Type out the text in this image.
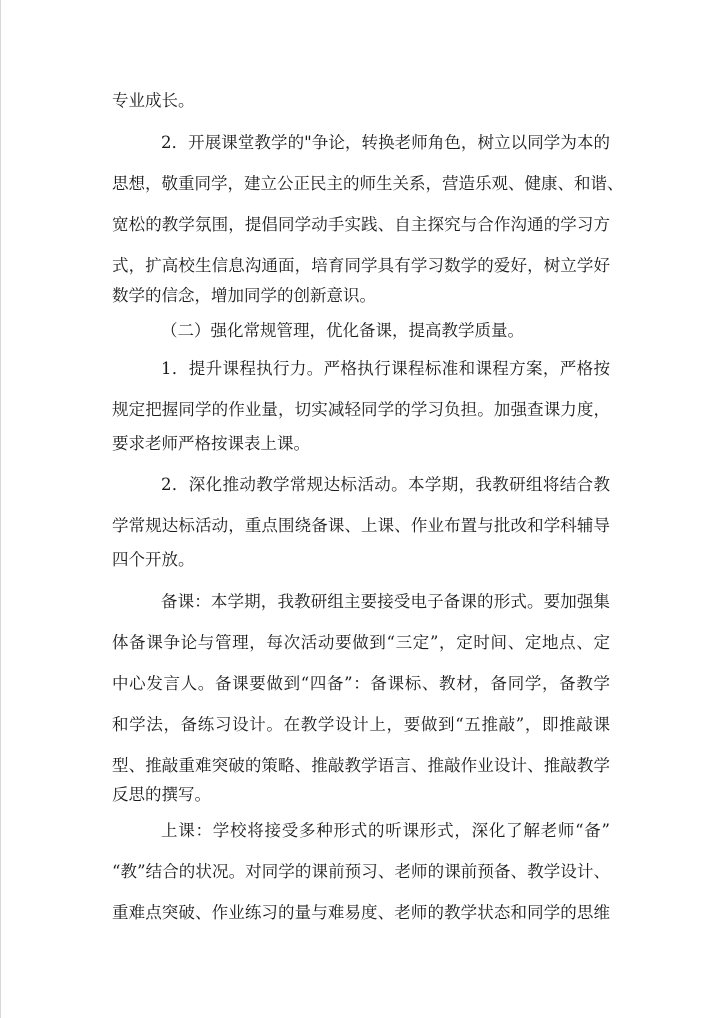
专业成长。
2．开展课堂教学的"争论，转换老师角色，树立以同学为本的
思想，敬重同学，建立公正民主的师生关系，营造乐观、健康、和谐、
宽松的教学氛围，提倡同学动手实践、自主探究与合作沟通的学习方
式，扩高校生信息沟通面，培育同学具有学习数学的爱好，树立学好
数学的信念，增加同学的创新意识。
（二）强化常规管理，优化备课，提高教学质量。
1．提升课程执行力。严格执行课程标准和课程方案，严格按
规定把握同学的作业量，切实减轻同学的学习负担。加强查课力度，
要求老师严格按课表上课。
2．深化推动教学常规达标活动。本学期，我教研组将结合教
学常规达标活动，重点围绕备课、上课、作业布置与批改和学科辅导
四个开放。
备课：本学期，我教研组主要接受电子备课的形式。要加强集
体备课争论与管理，每次活动要做到“三定”，定时间、定地点、定
中心发言人。备课要做到“四备”：备课标、教材，备同学，备教学
和学法，备练习设计。在教学设计上，要做到“五推敲”，即推敲课
型、推敲重难突破的策略、推敲教学语言、推敲作业设计、推敲教学
反思的撰写。
上课：学校将接受多种形式的听课形式，深化了解老师“备”
“教”结合的状况。对同学的课前预习、老师的课前预备、教学设计、
重难点突破、作业练习的量与难易度、老师的教学状态和同学的思维
